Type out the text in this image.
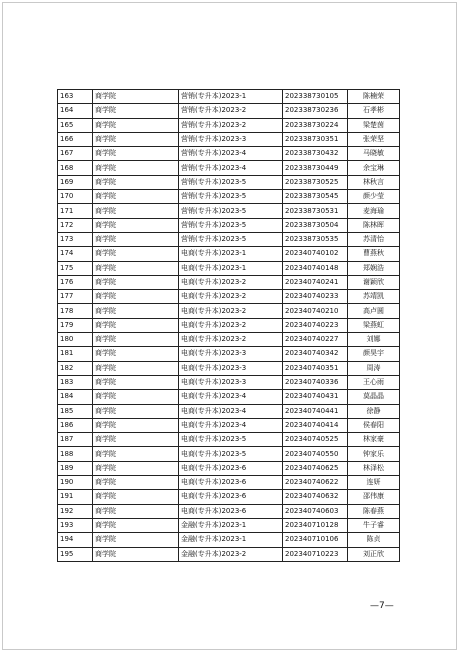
163	商学院	营销(专升本)2023-1	202338730105	陈楠荣
164	商学院	营销(专升本)2023-2	202338730236	石孝彬
165	商学院	营销(专升本)2023-2	202338730224	梁楚茵
166	商学院	营销(专升本)2023-3	202338730351	张荣坚
167	商学院	营销(专升本)2023-4	202338730432	马晓敏
168	商学院	营销(专升本)2023-4	202338730449	余宝琳
169	商学院	营销(专升本)2023-5	202338730525	林秋言
170	商学院	营销(专升本)2023-5	202338730545	颜少莹
171	商学院	营销(专升本)2023-5	202338730531	麦海瑜
172	商学院	营销(专升本)2023-5	202338730504	陈林晖
173	商学院	营销(专升本)2023-5	202338730535	苏清怡
174	商学院	电商(专升本)2023-1	202340740102	曹燕秋
175	商学院	电商(专升本)2023-1	202340740148	郑娴浩
176	商学院	电商(专升本)2023-2	202340740241	谢颖欣
177	商学院	电商(专升本)2023-2	202340740233	苏靖凯
178	商学院	电商(专升本)2023-2	202340740210	高卢圆
179	商学院	电商(专升本)2023-2	202340740223	梁燕虹
180	商学院	电商(专升本)2023-2	202340740227	刘娜
181	商学院	电商(专升本)2023-3	202340740342	颜昊宇
182	商学院	电商(专升本)2023-3	202340740351	周涛
183	商学院	电商(专升本)2023-3	202340740336	王心雨
184	商学院	电商(专升本)2023-4	202340740431	莫晶晶
185	商学院	电商(专升本)2023-4	202340740441	徐静
186	商学院	电商(专升本)2023-4	202340740414	侯春阳
187	商学院	电商(专升本)2023-5	202340740525	林家豪
188	商学院	电商(专升本)2023-5	202340740550	钟家乐
189	商学院	电商(专升本)2023-6	202340740625	林泽松
190	商学院	电商(专升本)2023-6	202340740622	连妍
191	商学院	电商(专升本)2023-6	202340740632	邵伟康
192	商学院	电商(专升本)2023-6	202340740603	陈春燕
193	商学院	金融(专升本)2023-1	202340710128	牛子睿
194	商学院	金融(专升本)2023-1	202340710106	陈贞
195	商学院	金融(专升本)2023-2	202340710223	刘正欣
—7—
